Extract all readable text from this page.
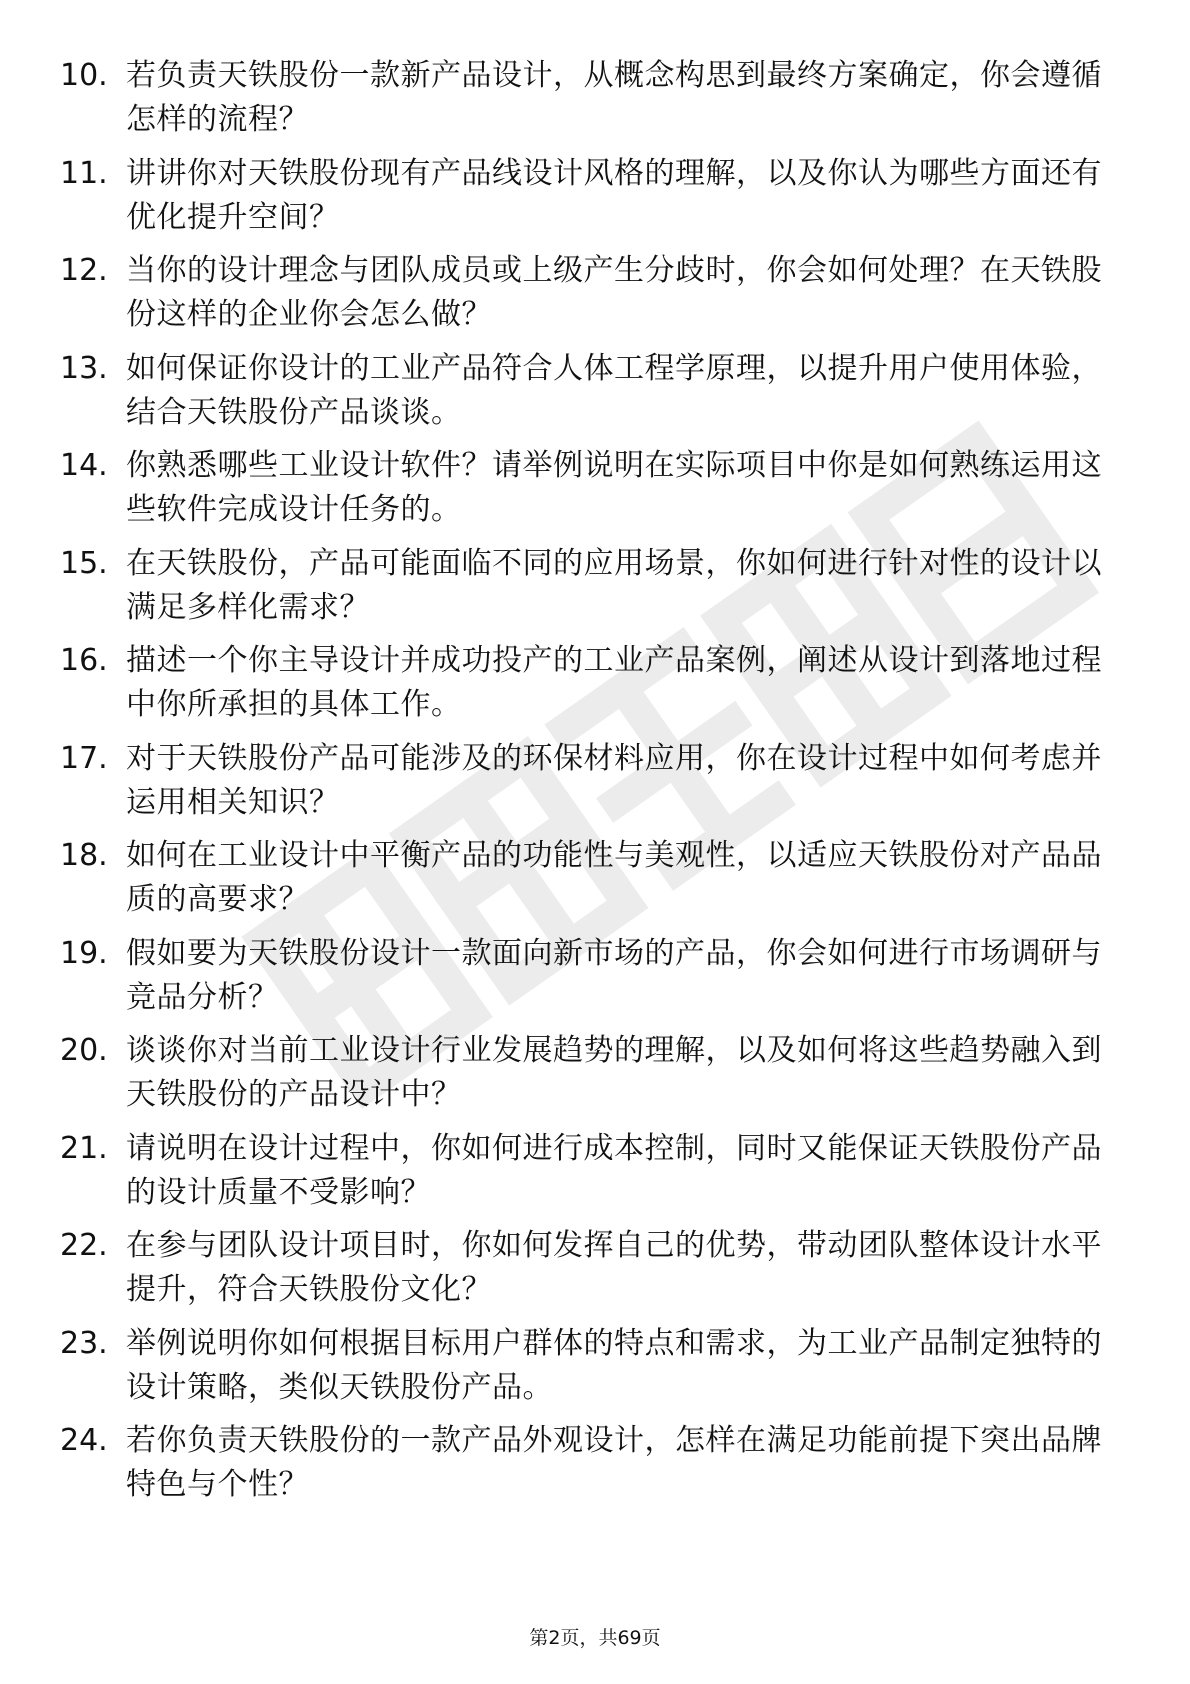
10. 若负责天铁股份一款新产品设计，从概念构思到最终方案确定，你会遵循怎样的流程？
11. 讲讲你对天铁股份现有产品线设计风格的理解，以及你认为哪些方面还有优化提升空间？
12. 当你的设计理念与团队成员或上级产生分歧时，你会如何处理？在天铁股份这样的企业你会怎么做？
13. 如何保证你设计的工业产品符合人体工程学原理，以提升用户使用体验，结合天铁股份产品谈谈。
14. 你熟悉哪些工业设计软件？请举例说明在实际项目中你是如何熟练运用这些软件完成设计任务的。
15. 在天铁股份，产品可能面临不同的应用场景，你如何进行针对性的设计以满足多样化需求？
16. 描述一个你主导设计并成功投产的工业产品案例，阐述从设计到落地过程中你所承担的具体工作。
17. 对于天铁股份产品可能涉及的环保材料应用，你在设计过程中如何考虑并运用相关知识？
18. 如何在工业设计中平衡产品的功能性与美观性，以适应天铁股份对产品品质的高要求？
19. 假如要为天铁股份设计一款面向新市场的产品，你会如何进行市场调研与竞品分析？
20. 谈谈你对当前工业设计行业发展趋势的理解，以及如何将这些趋势融入到天铁股份的产品设计中？
21. 请说明在设计过程中，你如何进行成本控制，同时又能保证天铁股份产品的设计质量不受影响？
22. 在参与团队设计项目时，你如何发挥自己的优势，带动团队整体设计水平提升，符合天铁股份文化？
23. 举例说明你如何根据目标用户群体的特点和需求，为工业产品制定独特的设计策略，类似天铁股份产品。
24. 若你负责天铁股份的一款产品外观设计，怎样在满足功能前提下突出品牌特色与个性？
第2页，共69页
